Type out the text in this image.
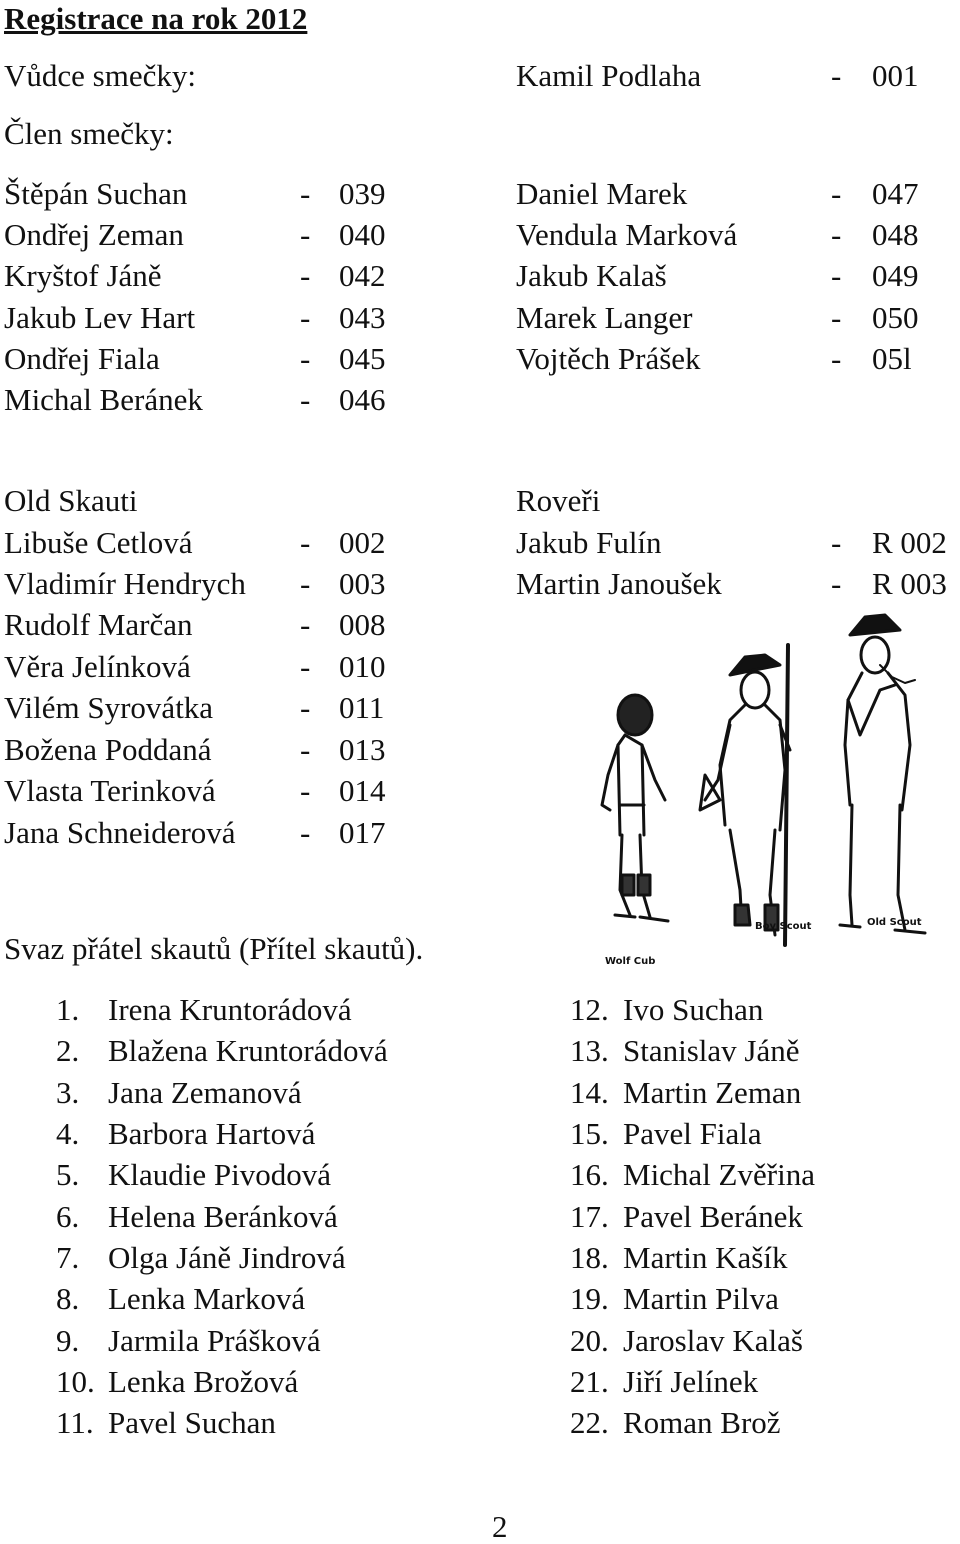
Registrace na rok 2012
Vůdce smečky:	Kamil Podlaha	- 001
Člen smečky:
Štěpán Suchan	- 039
Ondřej Zeman	- 040
Kryštof Jáně	- 042
Jakub Lev Hart	- 043
Ondřej Fiala	- 045
Michal Beránek	- 046
Daniel Marek	- 047
Vendula Marková	- 048
Jakub Kalaš	- 049
Marek Langer	- 050
Vojtěch Prášek	- 05l
Old Skauti
Libuše Cetlová	- 002
Vladimír Hendrych - 003
Rudolf Marčan	- 008
Věra Jelínková	- 010
Vilém Syrovátka	- 011
Božena Poddaná	- 013
Vlasta Terinková	- 014
Jana Schneiderová - 017
Roveři
Jakub Fulín	- R 002
Martin Janoušek	- R 003
Wolf Cub
Boy Scout	Old Scout
Svaz přátel skautů (Přítel skautů).
1. Irena Kruntorádová
2. Blažena Kruntorádová
3. Jana Zemanová
4. Barbora Hartová
5. Klaudie Pivodová
6. Helena Beránková
7. Olga Jáně Jindrová
8. Lenka Marková
9. Jarmila Prášková
10. Lenka Brožová
11. Pavel Suchan
12. Ivo Suchan
13. Stanislav Jáně
14. Martin Zeman
15. Pavel Fiala
16. Michal Zvěřina
17. Pavel Beránek
18. Martin Kašík
19. Martin Pilva
20. Jaroslav Kalaš
21. Jiří Jelínek
22. Roman Brož
2
